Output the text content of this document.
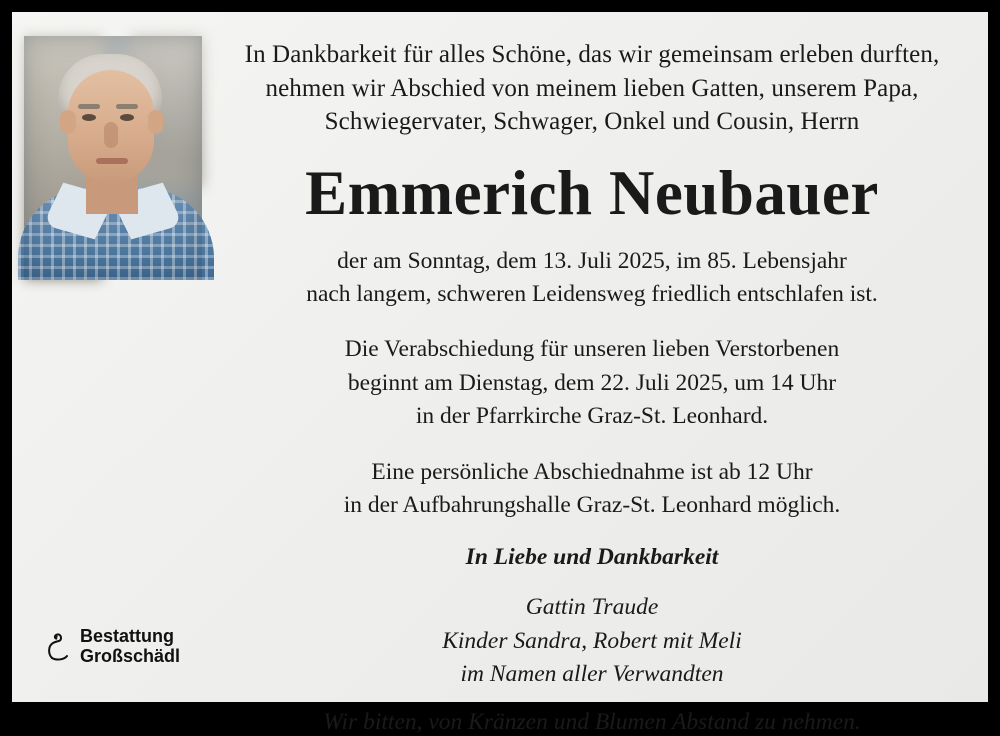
In Dankbarkeit für alles Schöne, das wir gemeinsam erleben durften,
nehmen wir Abschied von meinem lieben Gatten, unserem Papa,
Schwiegervater, Schwager, Onkel und Cousin, Herrn
Emmerich Neubauer
der am Sonntag, dem 13. Juli 2025, im 85. Lebensjahr
nach langem, schweren Leidensweg friedlich entschlafen ist.
Die Verabschiedung für unseren lieben Verstorbenen
beginnt am Dienstag, dem 22. Juli 2025, um 14 Uhr
in der Pfarrkirche Graz-St. Leonhard.
Eine persönliche Abschiednahme ist ab 12 Uhr
in der Aufbahrungshalle Graz-St. Leonhard möglich.
In Liebe und Dankbarkeit
Gattin Traude
Kinder Sandra, Robert mit Meli
im Namen aller Verwandten
Wir bitten, von Kränzen und Blumen Abstand zu nehmen.
Bestattung
Großschädl
